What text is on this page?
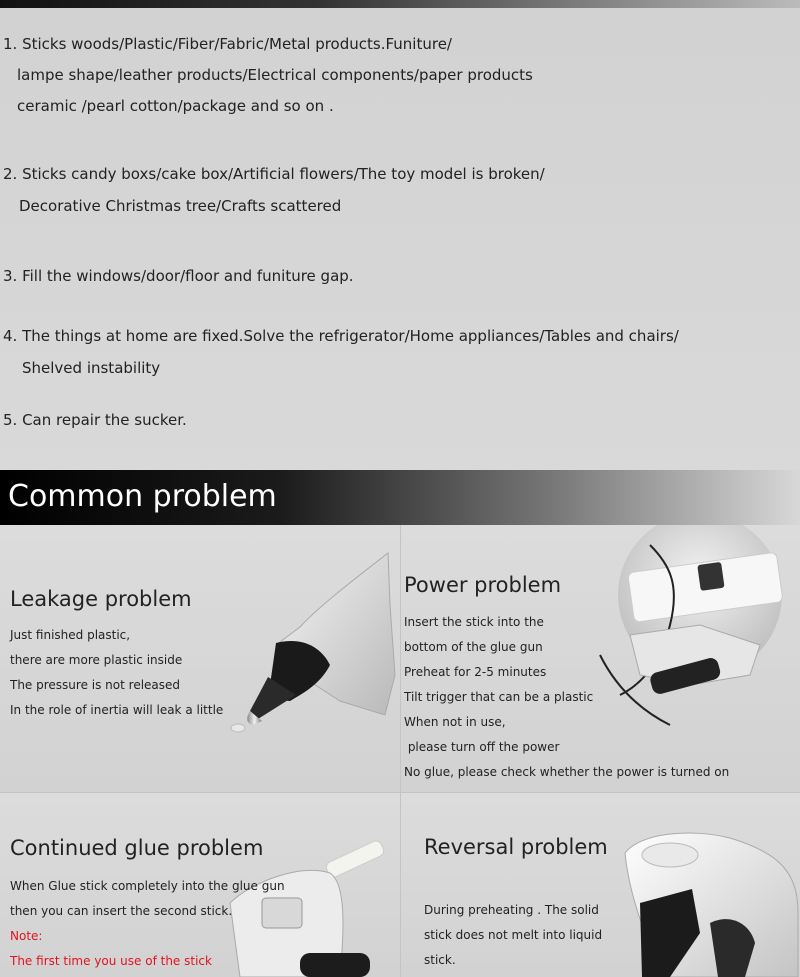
1. Sticks woods/Plastic/Fiber/Fabric/Metal products.Funiture/
lampe shape/leather products/Electrical components/paper products
ceramic /pearl cotton/package and so on .
2. Sticks candy boxs/cake box/Artificial flowers/The toy model is broken/
Decorative Christmas tree/Crafts scattered
3. Fill the windows/door/floor and funiture gap.
4. The things at home are fixed.Solve the refrigerator/Home appliances/Tables and chairs/
Shelved instability
5. Can repair the sucker.
Common problem
Leakage problem
Just finished plastic,
there are more plastic inside
The pressure is not released
In the role of inertia will leak a little
Power problem
Insert the stick into the
bottom of the glue gun
Preheat for 2-5 minutes
Tilt trigger that can be a plastic
When not in use,
please turn off the power
No glue, please check whether the power is turned on
Continued glue problem
When Glue stick completely into the glue gun
then you can insert the second stick.
Note:
The first time you use of the stick
Reversal problem
During preheating . The solid
stick does not melt into liquid
stick.
